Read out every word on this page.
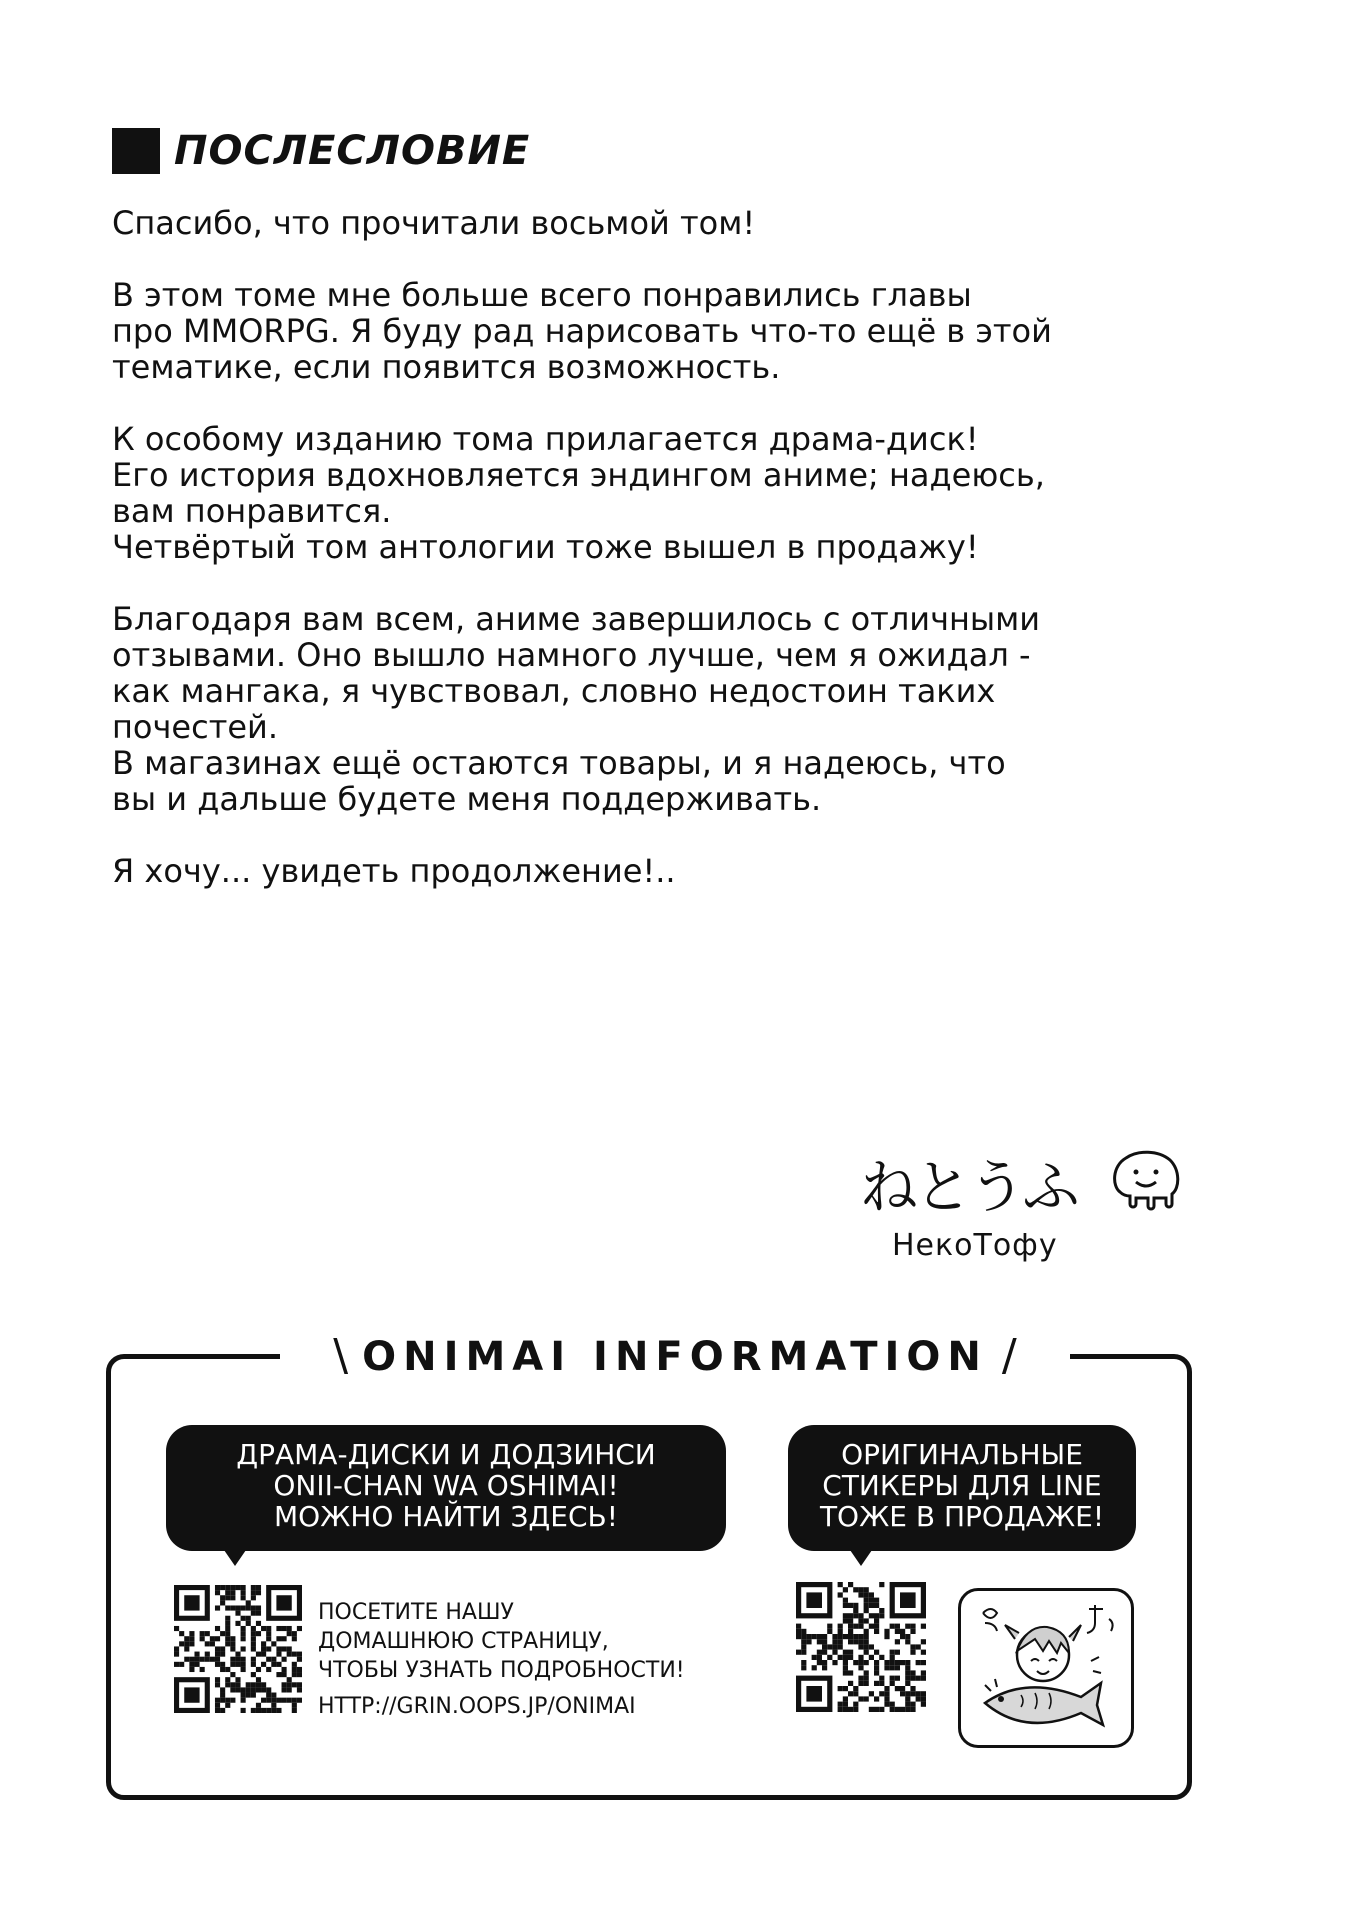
ПОСЛЕСЛОВИЕ

Спасибо, что прочитали восьмой том!

В этом томе мне больше всего понравились главы
про MMORPG. Я буду рад нарисовать что-то ещё в этой
тематике, если появится возможность.

К особому изданию тома прилагается драма-диск!
Его история вдохновляется эндингом аниме; надеюсь,
вам понравится.
Четвёртый том антологии тоже вышел в продажу!

Благодаря вам всем, аниме завершилось с отличными
отзывами. Оно вышло намного лучше, чем я ожидал -
как мангака, я чувствовал, словно недостоин таких
почестей.
В магазинах ещё остаются товары, и я надеюсь, что
вы и дальше будете меня поддерживать.

Я хочу... увидеть продолжение!..

ねとうふ
НекоТофу
\ ONIMAI INFORMATION /
ДРАМА-ДИСКИ И ДОДЗИНСИ
ONII-CHAN WA OSHIMAI!
МОЖНО НАЙТИ ЗДЕСЬ!
ОРИГИНАЛЬНЫЕ
СТИКЕРЫ ДЛЯ LINE
ТОЖЕ В ПРОДАЖЕ!
ПОСЕТИТЕ НАШУ
ДОМАШНЮЮ СТРАНИЦУ,
ЧТОБЫ УЗНАТЬ ПОДРОБНОСТИ!
HTTP://GRIN.OOPS.JP/ONIMAI
